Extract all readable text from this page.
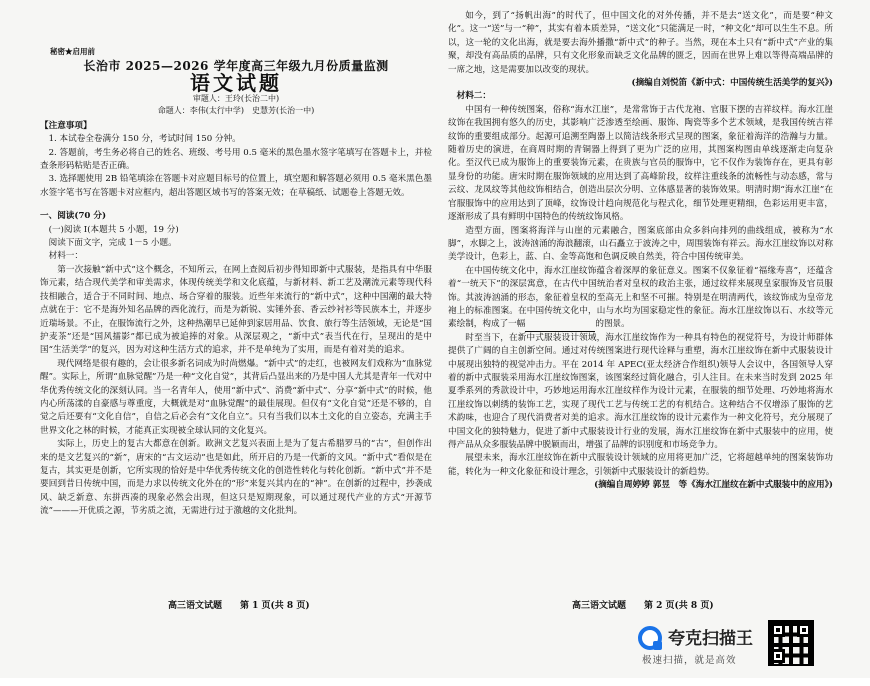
秘密★启用前
长治市 2025—2026 学年度高三年级九月份质量监测
语文试题
审题人：王玲(长治二中)
命题人：李伟(太行中学)　史慧芳(长治一中)
【注意事项】

1. 本试卷全卷满分 150 分，考试时间 150 分钟。

2. 答题前，考生务必将自己的姓名、班级、考号用 0.5 毫米的黑色墨水签字笔填写在答题卡上，并检查条形码粘贴是否正确。

3. 选择题使用 2B 铅笔填涂在答题卡对应题目标号的位置上，填空题和解答题必须用 0.5 毫米黑色墨水签字笔书写在答题卡对应框内，超出答题区域书写的答案无效；在草稿纸、试题卷上答题无效。

一、阅读(70 分)
(一)阅读 I(本题共 5 小题，19 分)
阅读下面文字，完成 1－5 小题。
材料一：

第一次接触“新中式”这个概念，不知所云，在网上查阅后初步得知即新中式服装，是指具有中华服饰元素，结合现代美学和审美需求，体现传统美学和文化底蕴，与新材料、新工艺及潮流元素等现代科技相融合，适合于不同时间、地点、场合穿着的服装。近些年来流行的“新中式”，这种中国潮的最大特点就在于：它不是海外知名品牌的西化流行，而是为新锐、实锤外套、香云纱衬衫等民族本土，并逐步近瑞场景。不止，在服饰流行之外，这种热潮早已延伸到家居用品、饮食、旅行等生活领域，无论是“国护麦茶”还是“国风擂影”都已成为被追捧的对象。从深层观之，“新中式”表当代在行，呈现出的是中国“生活美学”的复兴，因为对这种生活方式的追求，并不是单纯为了实用，而是有着对美的追求。

现代网络是很有趣的，会让很多新名词成为时尚燃爆。“新中式”的走红，也被网友们戏称为“血脉觉醒”。实际上，所谓“血脉觉醒”乃是一种“文化自觉”，其背后凸显出来的乃是中国人尤其是青年一代对中华优秀传统文化的深刻认同。当一名青年人，使用“新中式”、消费“新中式”、分享“新中式”的时候，他内心所荡漾的自豪感与尊重度，大概就是对“血脉觉醒”的最佳展现。但仅有“文化自觉”还是不够的，自觉之后还要有“文化自信”，自信之后必会有“文化自立”。只有当我们以本土文化的自立姿态，充满主手世界文化之林的时候，才能真正实现被全球认同的文化复兴。

实际上，历史上的复古大都意在创新。欧洲文艺复兴表面上是为了复古希腊罗马的“古”，但创作出来的是文艺复兴的“新”，唐宋的“古文运动”也是如此，所开启的乃是一代新的文风。“新中式”看似是在复古，其实更是创新，它所实现的恰好是中华优秀传统文化的创造性转化与转化创新。“新中式”并不是要回到昔日传统中国，而是力求以传统文化外在的“形”来复兴其内在的“神”。在创新的过程中，抄袭成风、缺乏新意、东拼西凑的现象必然会出现，但这只是短期现象，可以通过现代产业的方式“开源节流”———开优质之源，节劣质之流，无需进行过于激越的文化批判。

如今，到了“扬帆出海”的时代了，但中国文化的对外传播，并不是去“送文化”，而是要“种文化”。这一“送”与一“种”，其实有着本质差异，“送文化”只能满足一时，“种文化”却可以生生不息。所以，这一轮的文化出海，就是要去海外播撒“新中式”的种子。当然，现在本土只有“新中式”产业的集聚，却没有高品质的品牌，只有文化形象而缺乏文化品牌的匮乏，因而在世界上难以等得高端品牌的一席之地，这是需要加以改变的现状。

(摘编自刘悦笛《新中式：中国传统生活美学的复兴》)
材料二：

中国有一种传统图案，俗称“海水江崖”，是常常饰于古代龙袍、官服下摆的吉祥纹样。海水江崖纹饰在我国拥有悠久的历史，其影响广泛渗透至绘画、服饰、陶瓷等多个艺术领域，是我国传统吉祥纹饰的重要组成部分。起源可追溯至陶器上以简洁线条形式呈现的图案，象征着海洋的浩瀚与力量。随着历史的演进，在商周时期的青铜器上得到了更为广泛的应用，其图案构图由单线逐渐走向复杂化。至汉代已成为服饰上的重要装饰元素，在贵族与官员的服饰中，它不仅作为装饰存在，更具有彰显身份的功能。唐宋时期在服饰领域的应用达到了高峰阶段，纹样注重线条的流畅性与动态感，常与云纹、龙凤纹等其他纹饰相结合，创造出层次分明、立体感显著的装饰效果。明清时期“海水江崖”在官服服饰中的应用达到了顶峰，纹饰设计趋向规范化与程式化，细节处理更精细，色彩运用更丰富，逐渐形成了具有鲜明中国特色的传统纹饰风格。

造型方面，图案将海洋与山崖的元素融合，图案底部由众多斜向排列的曲线组成，被称为“水脚”，水脚之上，波涛汹涌的海浪翻滚，山石矗立于波涛之中，周围装饰有祥云。海水江崖纹饰以对称美学设计，色彩上，蓝、白、金等高饱和色调反映自然美，符合中国传统审美。

在中国传统文化中，海水江崖纹饰蕴含着深厚的象征意义。图案不仅象征着“福缘寿喜”，还蕴含着“一统天下”的深层寓意，在古代中国统治者对皇权的政治主张，通过纹样来展现皇家服饰及官员服饰。其波涛汹涌的形态，象征着皇权的至高无上和坚不可摧。特别是在明清两代，该纹饰成为皇帝龙袍上的标准图案。在中国传统文化中，山与水均为国家稳定性的象征。海水江崖纹饰以石、水纹等元素绘制，构成了一幅	的图景。

时至当下，在新中式服装设计领域，海水江崖纹饰作为一种具有特色的视觉符号，为设计师群体提供了广阔的自主创新空间。通过对传统图案进行现代诠释与重塑，海水江崖纹饰在新中式服装设计中展现出独特的视觉冲击力。平在 2014 年 APEC(亚太经济合作组织)领导人会议中，各国领导人穿着的新中式服装采用海水江崖纹饰图案，该图案经过简化融合，引人注目。在未来当时发到 2025 年夏季系列的秀款设计中，巧妙地运用海水江崖纹样作为设计元素，在服装的细节处理、巧妙地将海水江崖纹饰以刺绣的装饰工艺，实现了现代工艺与传统工艺的有机结合。这种结合不仅增添了服饰的艺术韵味，也迎合了现代消费者对美的追求。海水江崖纹饰的设计元素作为一种文化符号，充分展现了中国文化的独特魅力，促进了新中式服装设计行业的发展，海水江崖纹饰在新中式服装中的应用，使得产品从众多服装品牌中脱颖而出，增强了品牌的识别度和市场竞争力。

展望未来，海水江崖纹饰在新中式服装设计领域的应用将更加广泛，它将超越单纯的图案装饰功能，转化为一种文化象征和设计理念，引领新中式服装设计的新趋势。

(摘编自周婷婷 郭昱　等《海水江崖纹在新中式服装中的应用》)
高三语文试题　　第 1 页(共 8 页)	高三语文试题　　第 2 页(共 8 页)
夸克扫描王
极速扫描，就是高效
